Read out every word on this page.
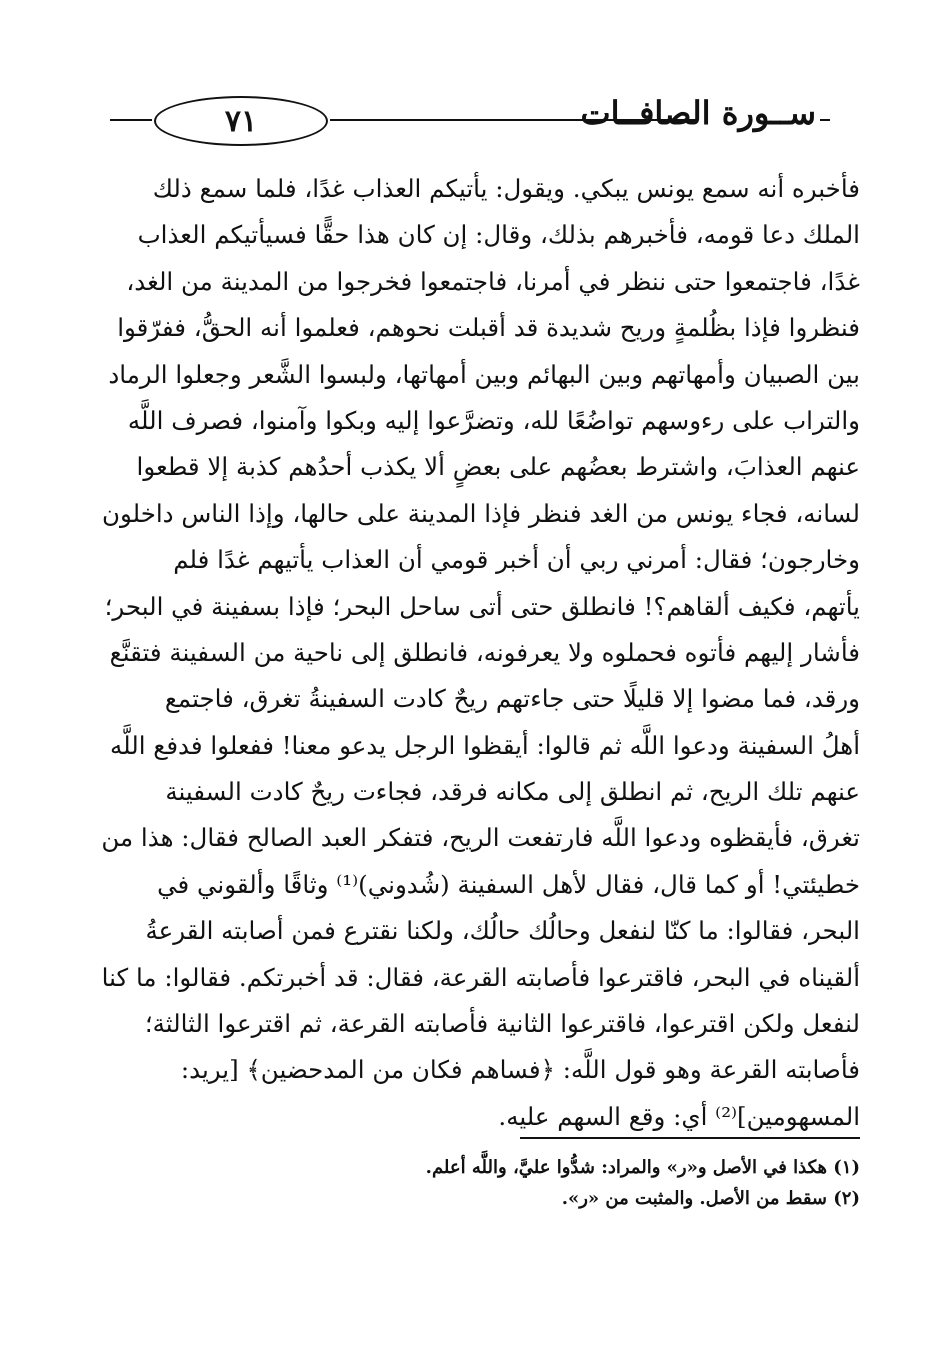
٧١	ســورة الصافــات
فأخبره أنه سمع يونس يبكي. ويقول: يأتيكم العذاب غدًا، فلما سمع ذلك
الملك دعا قومه، فأخبرهم بذلك، وقال: إن كان هذا حقًّا فسيأتيكم العذاب
غدًا، فاجتمعوا حتى ننظر في أمرنا، فاجتمعوا فخرجوا من المدينة من الغد،
فنظروا فإذا بظُلمةٍ وريح شديدة قد أقبلت نحوهم، فعلموا أنه الحقُّ، ففرّقوا
بين الصبيان وأمهاتهم وبين البهائم وبين أمهاتها، ولبسوا الشَّعر وجعلوا الرماد
والتراب على رءوسهم تواضُعًا لله، وتضرَّعوا إليه وبكوا وآمنوا، فصرف اللَّه
عنهم العذابَ، واشترط بعضُهم على بعضٍ ألا يكذب أحدُهم كذبة إلا قطعوا
لسانه، فجاء يونس من الغد فنظر فإذا المدينة على حالها، وإذا الناس داخلون
وخارجون؛ فقال: أمرني ربي أن أخبر قومي أن العذاب يأتيهم غدًا فلم
يأتهم، فكيف ألقاهم؟! فانطلق حتى أتى ساحل البحر؛ فإذا بسفينة في البحر؛
فأشار إليهم فأتوه فحملوه ولا يعرفونه، فانطلق إلى ناحية من السفينة فتقنَّع
ورقد، فما مضوا إلا قليلًا حتى جاءتهم ريحٌ كادت السفينةُ تغرق، فاجتمع
أهلُ السفينة ودعوا اللَّه ثم قالوا: أيقظوا الرجل يدعو معنا! ففعلوا فدفع اللَّه
عنهم تلك الريح، ثم انطلق إلى مكانه فرقد، فجاءت ريحٌ كادت السفينة
تغرق، فأيقظوه ودعوا اللَّه فارتفعت الريح، فتفكر العبد الصالح فقال: هذا من
خطيئتي! أو كما قال، فقال لأهل السفينة (شُدوني)⁽¹⁾ وثاقًا وألقوني في
البحر، فقالوا: ما كنّا لنفعل وحالُك حالُك، ولكنا نقترع فمن أصابته القرعةُ
ألقيناه في البحر، فاقترعوا فأصابته القرعة، فقال: قد أخبرتكم. فقالوا: ما كنا
لنفعل ولكن اقترعوا، فاقترعوا الثانية فأصابته القرعة، ثم اقترعوا الثالثة؛
فأصابته القرعة وهو قول اللَّه: ﴿فساهم فكان من المدحضين﴾ [يريد:
المسهومين]⁽²⁾ أي: وقع السهم عليه.
(١) هكذا في الأصل و«ر» والمراد: شدُّوا عليَّ، واللَّه أعلم.
(٢) سقط من الأصل. والمثبت من «ر».
